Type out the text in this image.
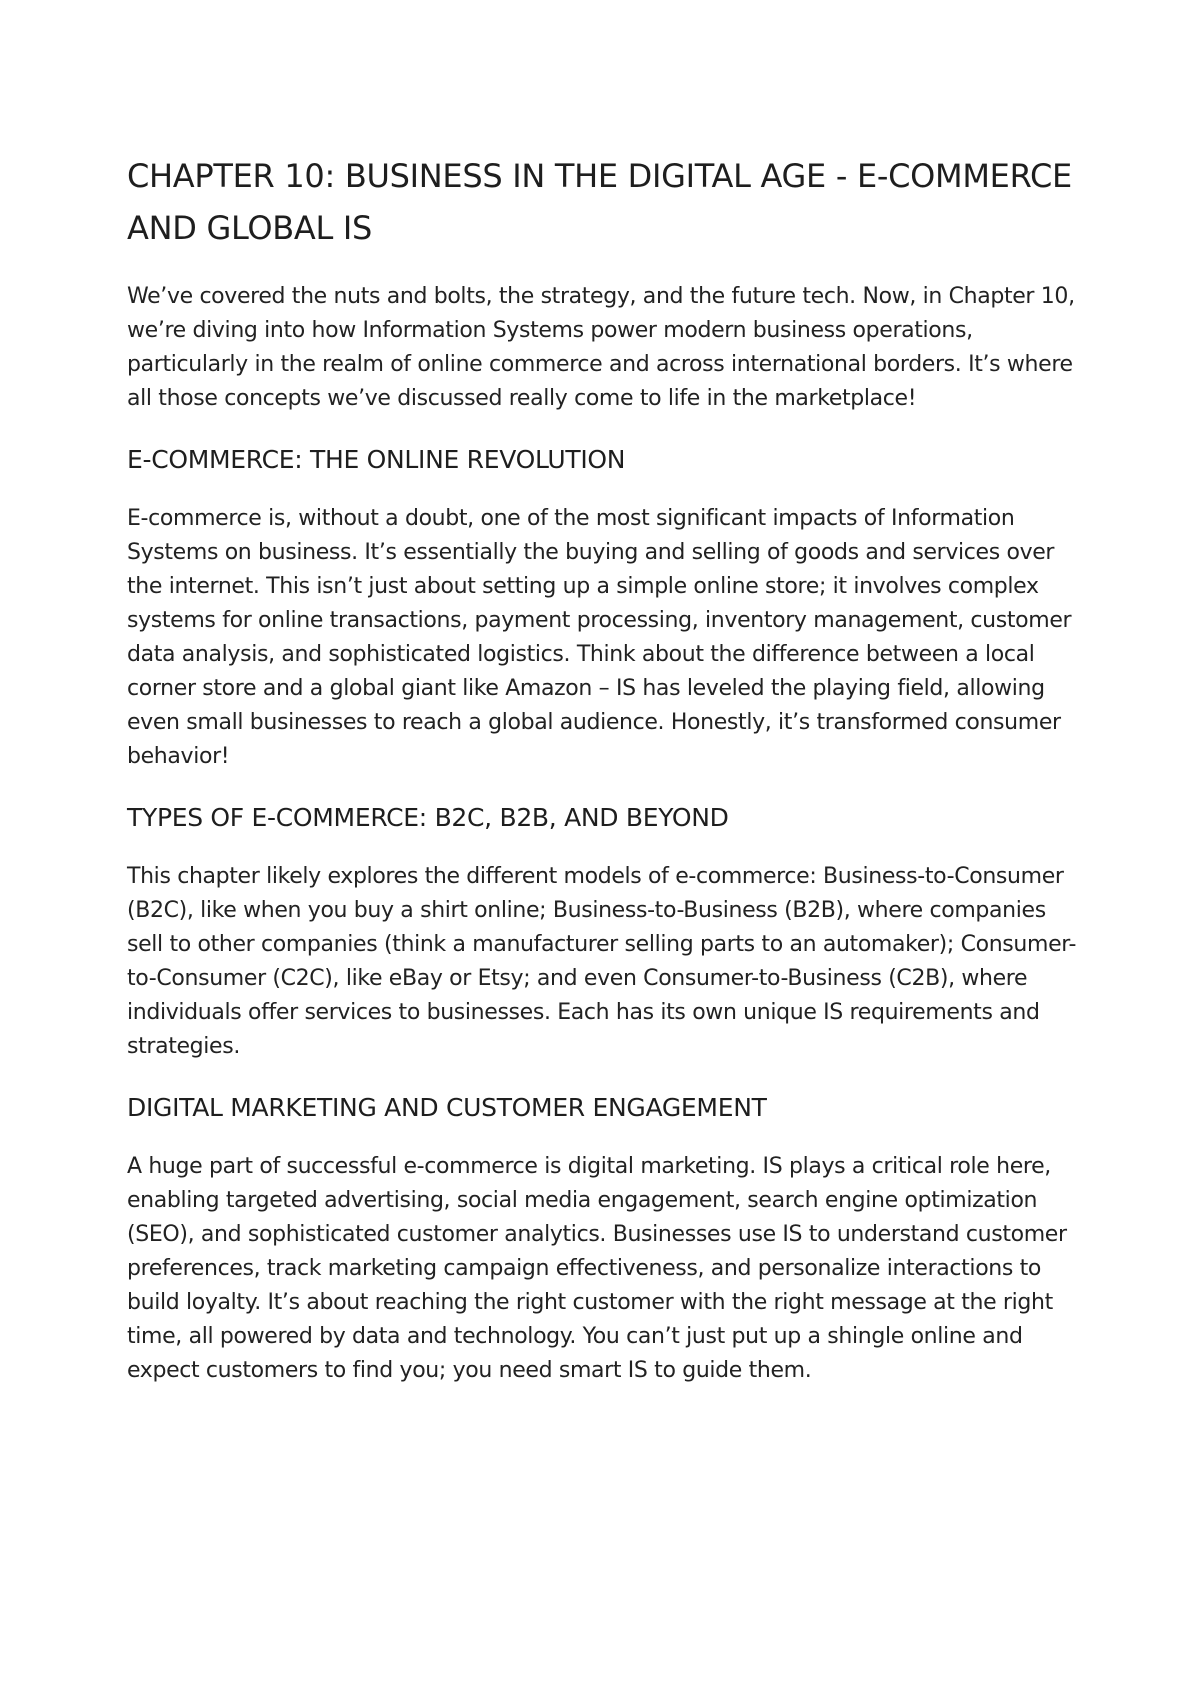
CHAPTER 10: BUSINESS IN THE DIGITAL AGE - E-COMMERCE AND GLOBAL IS

We’ve covered the nuts and bolts, the strategy, and the future tech. Now, in Chapter 10, we’re diving into how Information Systems power modern business operations, particularly in the realm of online commerce and across international borders. It’s where all those concepts we’ve discussed really come to life in the marketplace!

E-COMMERCE: THE ONLINE REVOLUTION

E-commerce is, without a doubt, one of the most significant impacts of Information Systems on business. It’s essentially the buying and selling of goods and services over the internet. This isn’t just about setting up a simple online store; it involves complex systems for online transactions, payment processing, inventory management, customer data analysis, and sophisticated logistics. Think about the difference between a local corner store and a global giant like Amazon – IS has leveled the playing field, allowing even small businesses to reach a global audience. Honestly, it’s transformed consumer behavior!

TYPES OF E-COMMERCE: B2C, B2B, AND BEYOND

This chapter likely explores the different models of e-commerce: Business-to-Consumer (B2C), like when you buy a shirt online; Business-to-Business (B2B), where companies sell to other companies (think a manufacturer selling parts to an automaker); Consumer-to-Consumer (C2C), like eBay or Etsy; and even Consumer-to-Business (C2B), where individuals offer services to businesses. Each has its own unique IS requirements and strategies.

DIGITAL MARKETING AND CUSTOMER ENGAGEMENT

A huge part of successful e-commerce is digital marketing. IS plays a critical role here, enabling targeted advertising, social media engagement, search engine optimization (SEO), and sophisticated customer analytics. Businesses use IS to understand customer preferences, track marketing campaign effectiveness, and personalize interactions to build loyalty. It’s about reaching the right customer with the right message at the right time, all powered by data and technology. You can’t just put up a shingle online and expect customers to find you; you need smart IS to guide them.
